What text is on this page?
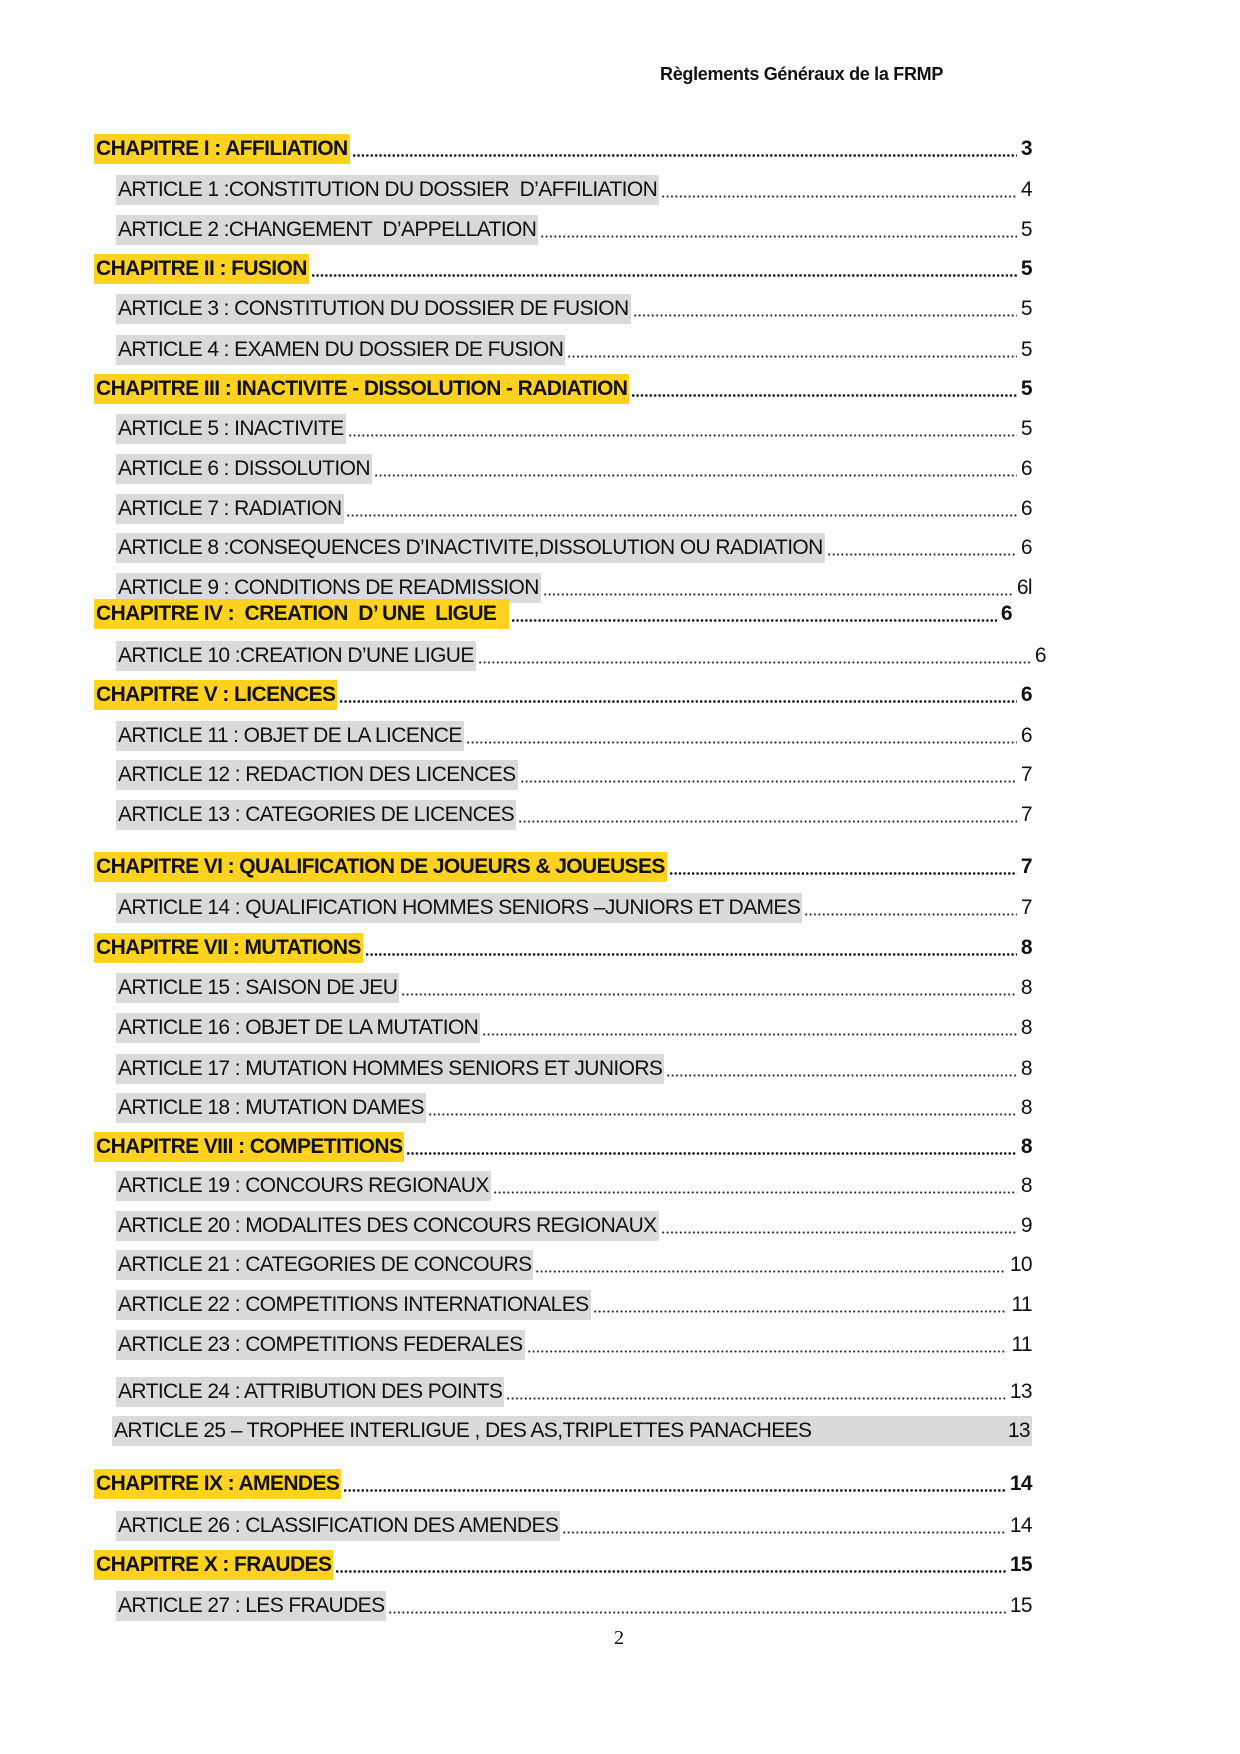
Règlements Généraux de la FRMP
CHAPITRE I : AFFILIATION	3
ARTICLE 1 :CONSTITUTION DU DOSSIER  D’AFFILIATION	4
ARTICLE 2 :CHANGEMENT  D’APPELLATION	5
CHAPITRE II : FUSION	5
ARTICLE 3 : CONSTITUTION DU DOSSIER DE FUSION	5
ARTICLE 4 : EXAMEN DU DOSSIER DE FUSION	5
CHAPITRE III : INACTIVITE - DISSOLUTION - RADIATION	5
ARTICLE 5 : INACTIVITE	5
ARTICLE 6 : DISSOLUTION	6
ARTICLE 7 : RADIATION	6
ARTICLE 8 :CONSEQUENCES D’INACTIVITE,DISSOLUTION OU RADIATION	6
ARTICLE 9 : CONDITIONS DE READMISSION	6l
CHAPITRE IV :  CREATION  D’ UNE  LIGUE	6
ARTICLE 10 :CREATION D’UNE LIGUE	6
CHAPITRE V : LICENCES	6
ARTICLE 11 : OBJET DE LA LICENCE	6
ARTICLE 12 : REDACTION DES LICENCES	7
ARTICLE 13 : CATEGORIES DE LICENCES	7
CHAPITRE VI : QUALIFICATION DE JOUEURS & JOUEUSES	7
ARTICLE 14 : QUALIFICATION HOMMES SENIORS –JUNIORS ET DAMES	7
CHAPITRE VII : MUTATIONS	8
ARTICLE 15 : SAISON DE JEU	8
ARTICLE 16 : OBJET DE LA MUTATION	8
ARTICLE 17 : MUTATION HOMMES SENIORS ET JUNIORS	8
ARTICLE 18 : MUTATION DAMES	8
CHAPITRE VIII : COMPETITIONS	8
ARTICLE 19 : CONCOURS REGIONAUX	8
ARTICLE 20 : MODALITES DES CONCOURS REGIONAUX	9
ARTICLE 21 : CATEGORIES DE CONCOURS	10
ARTICLE 22 : COMPETITIONS INTERNATIONALES	11
ARTICLE 23 : COMPETITIONS FEDERALES	11
ARTICLE 24 : ATTRIBUTION DES POINTS	13
ARTICLE 25 – TROPHEE INTERLIGUE , DES AS,TRIPLETTES PANACHEES	13
CHAPITRE IX : AMENDES	14
ARTICLE 26 : CLASSIFICATION DES AMENDES	14
CHAPITRE X : FRAUDES	15
ARTICLE 27 : LES FRAUDES	15
2
